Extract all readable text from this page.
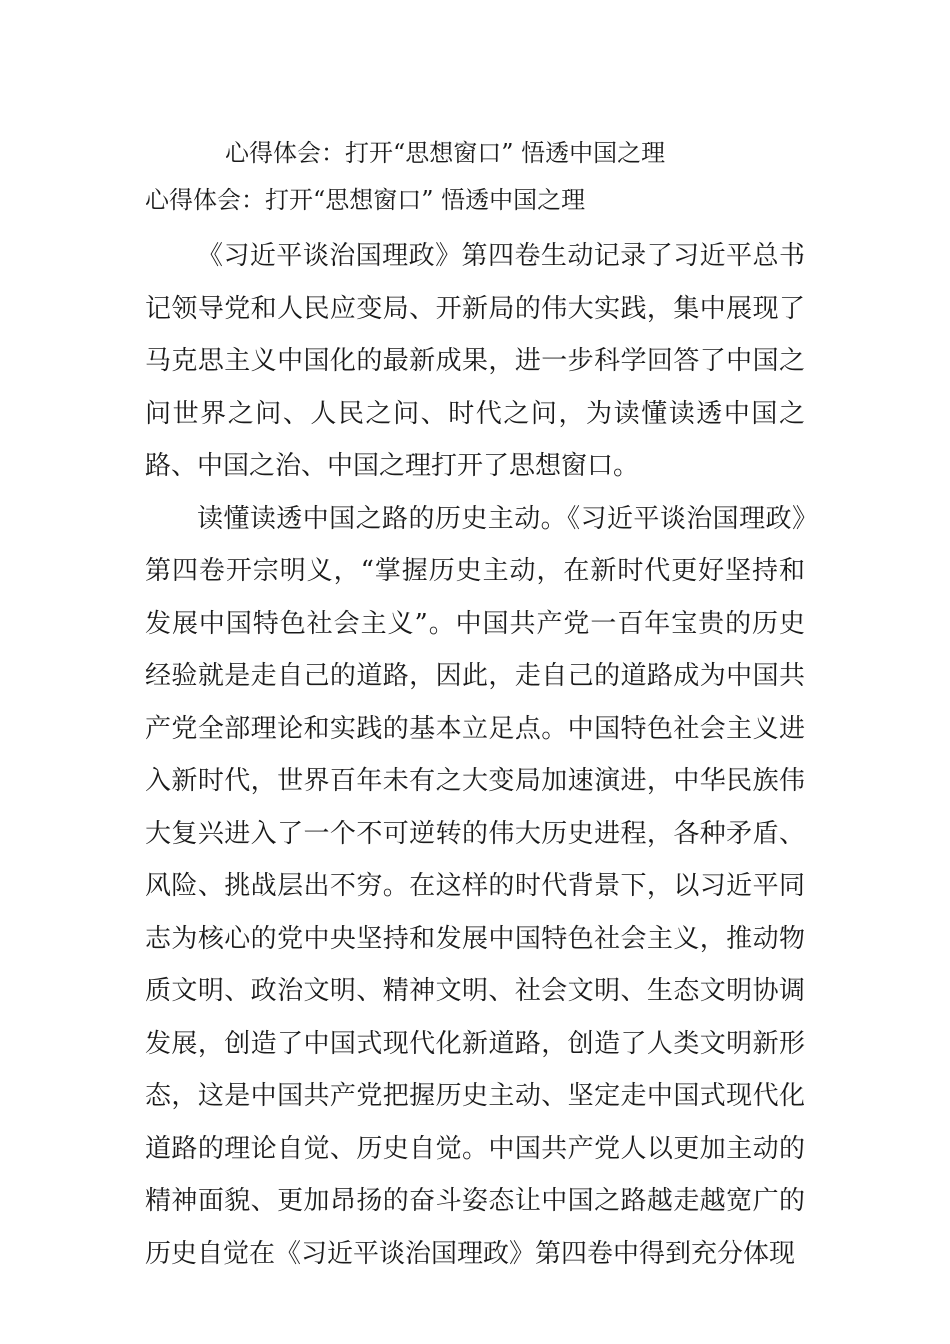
心得体会：打开“思想窗口” 悟透中国之理
心得体会：打开“思想窗口” 悟透中国之理

《习近平谈治国理政》第四卷生动记录了习近平总书记领导党和人民应变局、开新局的伟大实践，集中展现了马克思主义中国化的最新成果，进一步科学回答了中国之问世界之问、人民之问、时代之问，为读懂读透中国之路、中国之治、中国之理打开了思想窗口。

读懂读透中国之路的历史主动。《习近平谈治国理政》第四卷开宗明义，“掌握历史主动，在新时代更好坚持和发展中国特色社会主义”。中国共产党一百年宝贵的历史经验就是走自己的道路，因此，走自己的道路成为中国共产党全部理论和实践的基本立足点。中国特色社会主义进入新时代，世界百年未有之大变局加速演进，中华民族伟大复兴进入了一个不可逆转的伟大历史进程，各种矛盾、风险、挑战层出不穷。在这样的时代背景下，以习近平同志为核心的党中央坚持和发展中国特色社会主义，推动物质文明、政治文明、精神文明、社会文明、生态文明协调发展，创造了中国式现代化新道路，创造了人类文明新形态，这是中国共产党把握历史主动、坚定走中国式现代化道路的理论自觉、历史自觉。中国共产党人以更加主动的精神面貌、更加昂扬的奋斗姿态让中国之路越走越宽广的历史自觉在《习近平谈治国理政》第四卷中得到充分体现
